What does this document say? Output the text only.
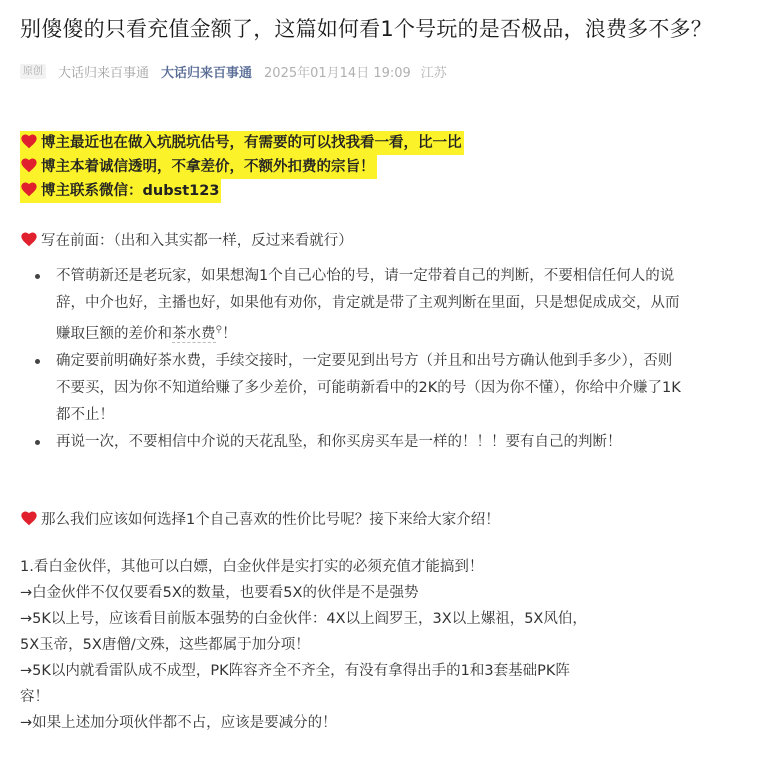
别傻傻的只看充值金额了，这篇如何看1个号玩的是否极品，浪费多不多？
原创 大话归来百事通 大话归来百事通 2025年01月14日 19:09 江苏
博主最近也在做入坑脱坑估号，有需要的可以找我看一看，比一比
博主本着诚信透明，不拿差价，不额外扣费的宗旨！
博主联系微信：dubst123
写在前面：（出和入其实都一样，反过来看就行）
不管萌新还是老玩家，如果想淘1个自己心怡的号，请一定带着自己的判断，不要相信任何人的说辞，中介也好，主播也好，如果他有劝你，肯定就是带了主观判断在里面，只是想促成成交，从而赚取巨额的差价和茶水费⚲！
确定要前明确好茶水费，手续交接时，一定要见到出号方（并且和出号方确认他到手多少），否则不要买，因为你不知道给赚了多少差价，可能萌新看中的2K的号（因为你不懂），你给中介赚了1K都不止！
再说一次，不要相信中介说的天花乱坠，和你买房买车是一样的！！！要有自己的判断！
那么我们应该如何选择1个自己喜欢的性价比号呢？接下来给大家介绍！
1.看白金伙伴，其他可以白嫖，白金伙伴是实打实的必须充值才能搞到！
→白金伙伴不仅仅要看5X的数量，也要看5X的伙伴是不是强势
→5K以上号，应该看目前版本强势的白金伙伴：4X以上阎罗王，3X以上嫘祖，5X风伯，
5X玉帝，5X唐僧/文殊，这些都属于加分项！
→5K以内就看雷队成不成型，PK阵容齐全不齐全，有没有拿得出手的1和3套基础PK阵
容！
→如果上述加分项伙伴都不占，应该是要减分的！
